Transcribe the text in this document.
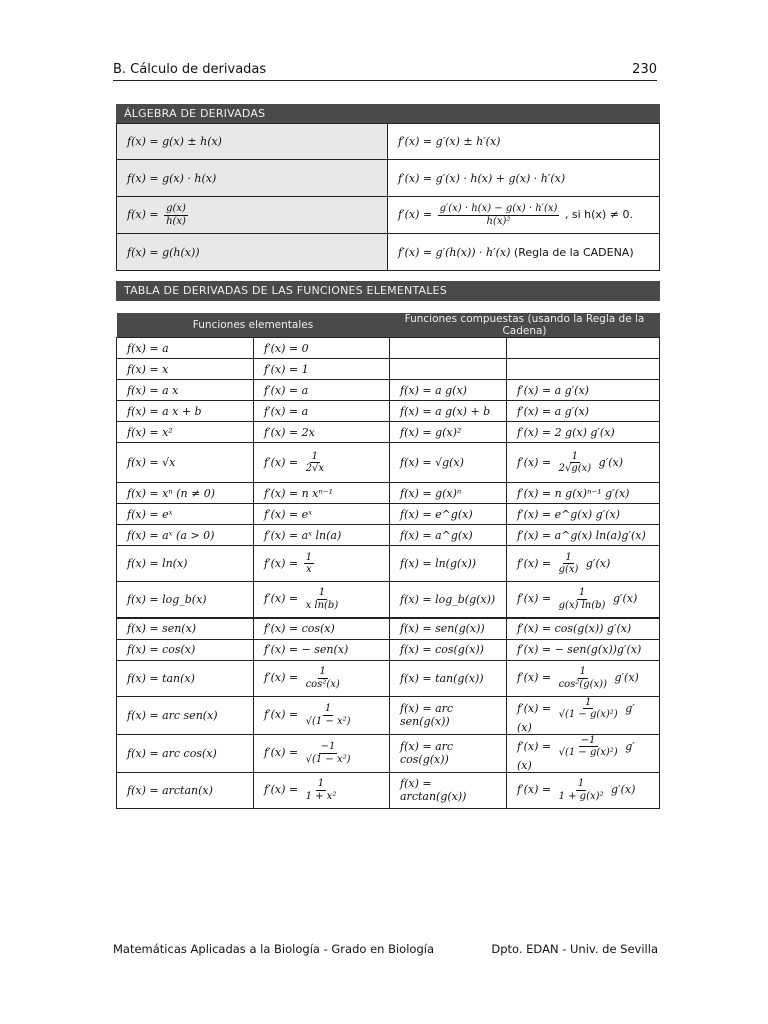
B. Cálculo de derivadas	230
ÁLGEBRA DE DERIVADAS
f(x) = g(x) ± h(x)	f′(x) = g′(x) ± h′(x)
f(x) = g(x) · h(x)	f′(x) = g′(x) · h(x) + g(x) · h′(x)
$f(x) = \frac{g(x)}{h(x)}$	$f'(x) = \frac{g'(x) \cdot h(x) - g(x) \cdot h'(x)}{\text{h(x)²}}$ , si h(x) ≠ 0.
f(x) = g(h(x))	f′(x) = g′(h(x)) · h′(x) (Regla de la CADENA)
TABLA DE DERIVADAS DE LAS FUNCIONES ELEMENTALES
Funciones elementales		Funciones compuestas (usando la Regla de la Cadena)	
f(x) = a	f′(x) = 0		
f(x) = x	f′(x) = 1		
f(x) = a x	f′(x) = a	f(x) = a g(x)	f′(x) = a g′(x)
f(x) = a x + b	f′(x) = a	f(x) = a g(x) + b	f′(x) = a g′(x)
f(x) = x²	f′(x) = 2x	f(x) = g(x)²	f′(x) = 2 g(x) g′(x)
f(x) = √x	$f'(x) = \frac{1}{2√x}$	f(x) = √g(x)	$f'(x) = \frac{1}{2√g(x)} g'(x)$
f(x) = xⁿ (n ≠ 0)	f′(x) = n xⁿ⁻¹	f(x) = g(x)ⁿ	f′(x) = n g(x)ⁿ⁻¹ g′(x)
f(x) = eˣ	f′(x) = eˣ	f(x) = e^g(x)	f′(x) = e^g(x) g′(x)
f(x) = aˣ (a > 0)	f′(x) = aˣ ln(a)	f(x) = a^g(x)	f′(x) = a^g(x) ln(a)g′(x)
f(x) = ln(x)	$f'(x) = \frac{1}{x}$	f(x) = ln(g(x))	$f'(x) = \frac{1}{g(x)} g'(x)$
f(x) = log_b(x)	$f'(x) = \frac{1}{\text{x ln(b)}}$	f(x) = log_b(g(x))	$f'(x) = \frac{1}{g(x) \ln(b)} g'(x)$
f(x) = sen(x)	f′(x) = cos(x)	f(x) = sen(g(x))	f′(x) = cos(g(x)) g′(x)
f(x) = cos(x)	f′(x) = − sen(x)	f(x) = cos(g(x))	f′(x) = − sen(g(x))g′(x)
f(x) = tan(x)	$f'(x) = \frac{1}{\text{cos²(x)}}$	f(x) = tan(g(x))	$f'(x) = \frac{1}{\text{cos²(g(x))}} g'(x)$
f(x) = arc sen(x)	$f'(x) = \frac{1}{\text{√(1 − x²)}}$	f(x) = arc sen(g(x))	$f'(x) = \frac{1}{\text{√(1 − g(x)²)}} g'(x)$
f(x) = arc cos(x)	$f'(x) = \frac{-1}{\text{√(1 − x²)}}$	f(x) = arc cos(g(x))	$f'(x) = \frac{-1}{\text{√(1 − g(x)²)}} g'(x)$
f(x) = arctan(x)	$f'(x) = \frac{1}{\text{1 + x²}}$	f(x) = arctan(g(x))	$f'(x) = \frac{1}{\text{1 + g(x)²}} g'(x)$
Matemáticas Aplicadas a la Biología - Grado en Biología	Dpto. EDAN - Univ. de Sevilla
